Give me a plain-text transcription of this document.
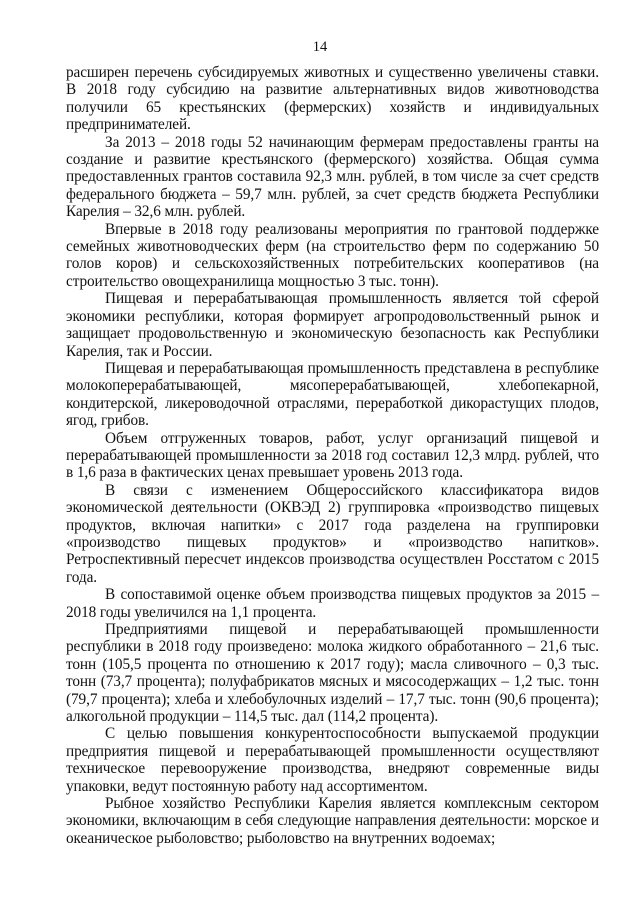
14

расширен перечень субсидируемых животных и существенно увеличены ставки. В 2018 году субсидию на развитие альтернативных видов животноводства получили 65 крестьянских (фермерских) хозяйств и индивидуальных предпринимателей.

За 2013 – 2018 годы 52 начинающим фермерам предоставлены гранты на создание и развитие крестьянского (фермерского) хозяйства. Общая сумма предоставленных грантов составила 92,3 млн. рублей, в том числе за счет средств федерального бюджета – 59,7 млн. рублей, за счет средств бюджета Республики Карелия – 32,6 млн. рублей.

Впервые в 2018 году реализованы мероприятия по грантовой поддержке семейных животноводческих ферм (на строительство ферм по содержанию 50 голов коров) и сельскохозяйственных потребительских кооперативов (на строительство овощехранилища мощностью 3 тыс. тонн).

Пищевая и перерабатывающая промышленность является той сферой экономики республики, которая формирует агропродовольственный рынок и защищает продовольственную и экономическую безопасность как Республики Карелия, так и России.

Пищевая и перерабатывающая промышленность представлена в республике молокоперерабатывающей, мясоперерабатывающей, хлебопекарной, кондитерской, ликероводочной отраслями, переработкой дикорастущих плодов, ягод, грибов.

Объем отгруженных товаров, работ, услуг организаций пищевой и перерабатывающей промышленности за 2018 год составил 12,3 млрд. рублей, что в 1,6 раза в фактических ценах превышает уровень 2013 года.

В связи с изменением Общероссийского классификатора видов экономической деятельности (ОКВЭД 2) группировка «производство пищевых продуктов, включая напитки» с 2017 года разделена на группировки «производство пищевых продуктов» и «производство напитков». Ретроспективный пересчет индексов производства осуществлен Росстатом с 2015 года.

В сопоставимой оценке объем производства пищевых продуктов за 2015 – 2018 годы увеличился на 1,1 процента.

Предприятиями пищевой и перерабатывающей промышленности республики в 2018 году произведено: молока жидкого обработанного – 21,6 тыс. тонн (105,5 процента по отношению к 2017 году); масла сливочного – 0,3 тыс. тонн (73,7 процента); полуфабрикатов мясных и мясосодержащих – 1,2 тыс. тонн (79,7 процента); хлеба и хлебобулочных изделий – 17,7 тыс. тонн (90,6 процента); алкогольной продукции – 114,5 тыс. дал (114,2 процента).

С целью повышения конкурентоспособности выпускаемой продукции предприятия пищевой и перерабатывающей промышленности осуществляют техническое перевооружение производства, внедряют современные виды упаковки, ведут постоянную работу над ассортиментом.

Рыбное хозяйство Республики Карелия является комплексным сектором экономики, включающим в себя следующие направления деятельности: морское и океаническое рыболовство; рыболовство на внутренних водоемах;
